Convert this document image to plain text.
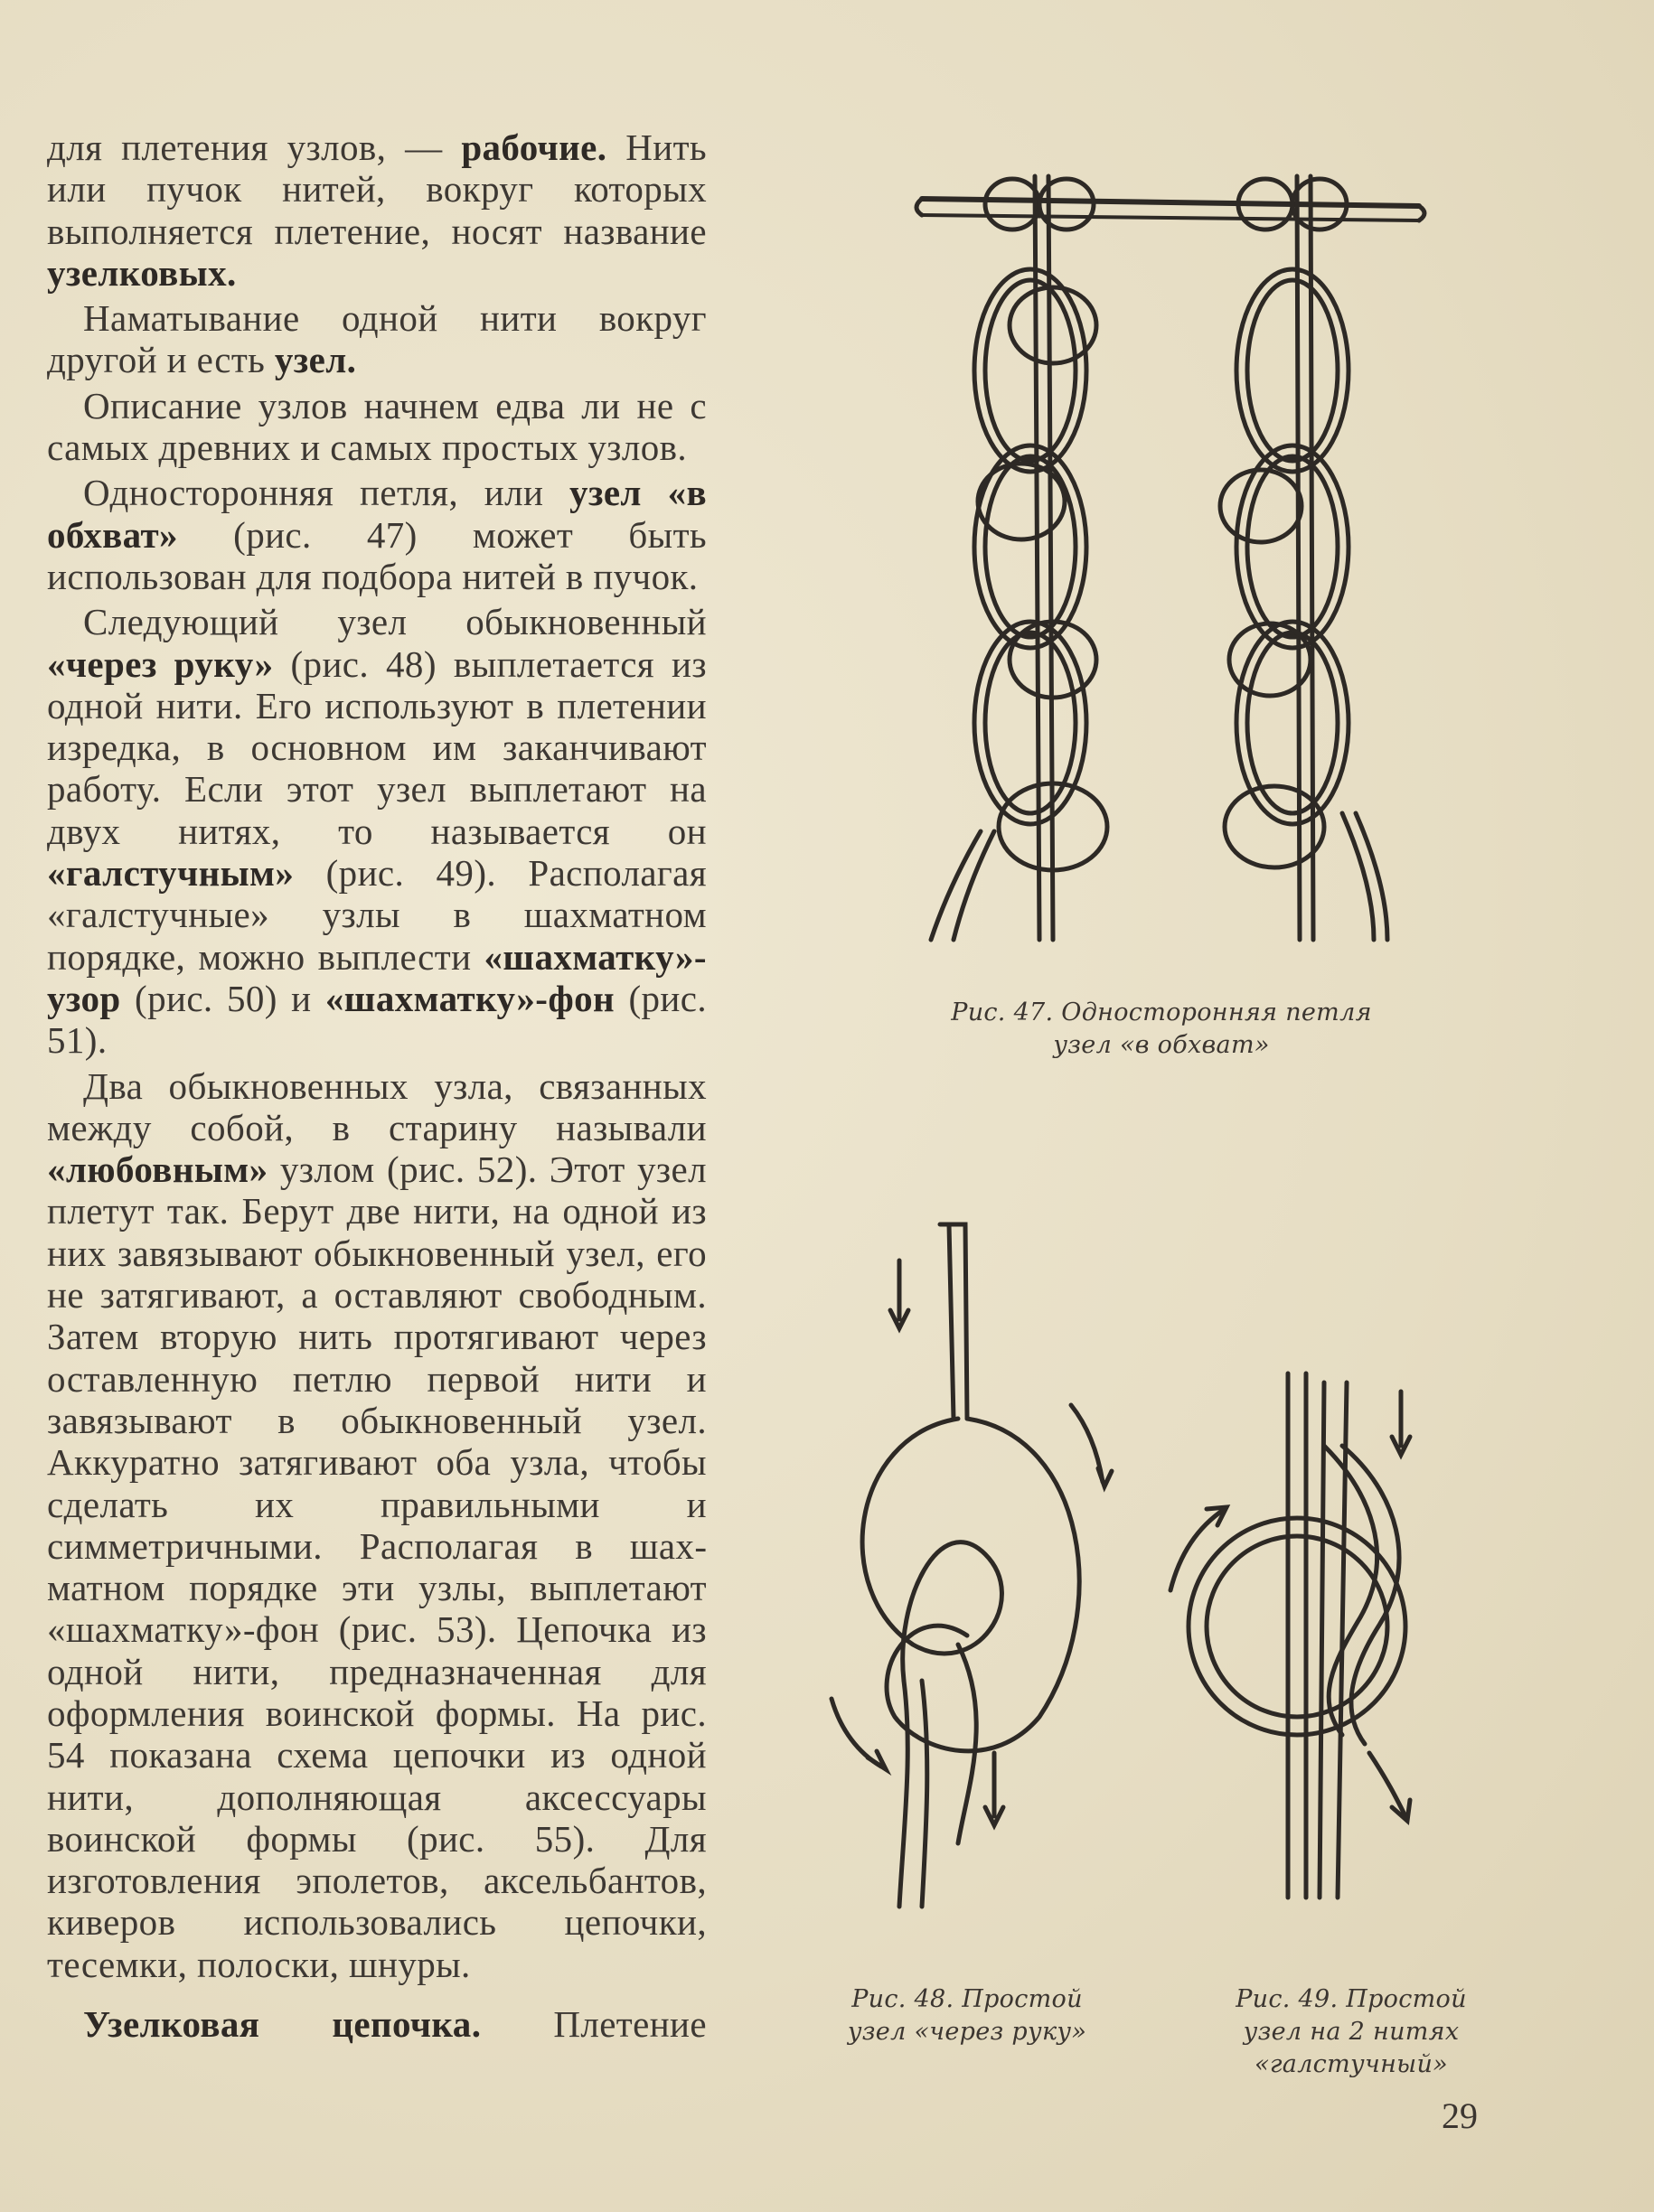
для плетения узлов, — рабочие. Нить или пучок нитей, вокруг которых выполняется плетение, носят название узелковых.

Наматывание одной нити вокруг другой и есть узел.

Описание узлов начнем едва ли не с самых древних и самых простых узлов.

Односторонняя петля, или узел «в обхват» (рис. 47) может быть использован для подбора нитей в пучок.

Следующий узел обыкновенный «через руку» (рис. 48) выплетается из одной нити. Его используют в плетении изредка, в основном им заканчивают работу. Если этот узел выплетают на двух нитях, то называется он «галстучным» (рис. 49). Располагая «галстучные» узлы в шахматном порядке, можно выплести «шахматку»-узор (рис. 50) и «шахматку»-фон (рис. 51).

Два обыкновенных узла, связанных между собой, в старину называли «любовным» узлом (рис. 52). Этот узел плетут так. Берут две нити, на одной из них завязывают обыкновенный узел, его не затягивают, а оставляют свободным. Затем вторую нить протягивают через оставленную петлю первой нити и завязывают в обыкновенный узел. Аккуратно затягивают оба узла, чтобы сделать их правильными и симметричными. Располагая в шахматном порядке эти узлы, выплетают «шахматку»-фон (рис. 53). Цепочка из одной нити, предназначенная для оформления воинской формы. На рис. 54 показана схема цепочки из одной нити, дополняющая аксессуары воинской формы (рис. 55). Для изготовления эполетов, аксельбантов, киверов использовались цепочки, тесемки, полоски, шнуры.

Узелковая цепочка. Плетение

Рис. 47. Односторонняя петля
узел «в обхват»
Рис. 48. Простой
узел «через руку»
Рис. 49. Простой
узел на 2 нитях
«галстучный»
29
